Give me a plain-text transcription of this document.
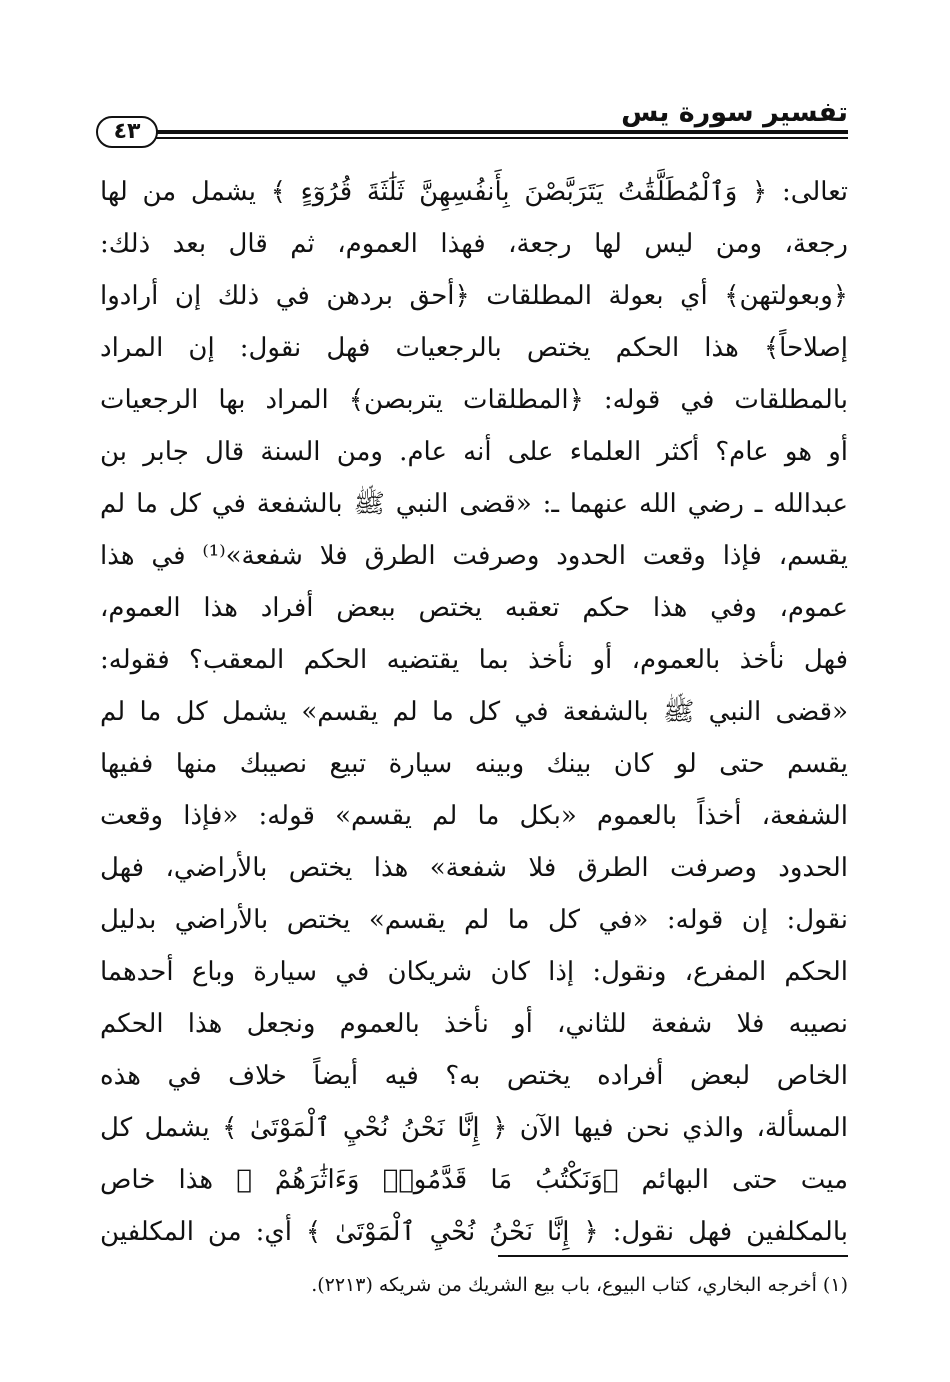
تفسير سورة يس
٤٣
تعالى: ﴿ وَٱلْمُطَلَّقَٰتُ يَتَرَبَّصْنَ بِأَنفُسِهِنَّ ثَلَٰثَةَ قُرُوٓءٍ ﴾ يشمل من لها
رجعة، ومن ليس لها رجعة، فهذا العموم، ثم قال بعد ذلك:
﴿وبعولتهن﴾ أي بعولة المطلقات ﴿أحق بردهن في ذلك إن أرادوا
إصلاحاً﴾ هذا الحكم يختص بالرجعيات فهل نقول: إن المراد
بالمطلقات في قوله: ﴿المطلقات يتربصن﴾ المراد بها الرجعيات
أو هو عام؟ أكثر العلماء على أنه عام. ومن السنة قال جابر بن
عبدالله ـ رضي الله عنهما ـ: «قضى النبي ﷺ بالشفعة في كل ما لم
يقسم، فإذا وقعت الحدود وصرفت الطرق فلا شفعة»⁽¹⁾ في هذا
عموم، وفي هذا حكم تعقبه يختص ببعض أفراد هذا العموم،
فهل نأخذ بالعموم، أو نأخذ بما يقتضيه الحكم المعقب؟ فقوله:
«قضى النبي ﷺ بالشفعة في كل ما لم يقسم» يشمل كل ما لم
يقسم حتى لو كان بينك وبينه سيارة تبيع نصيبك منها ففيها
الشفعة، أخذاً بالعموم «بكل ما لم يقسم» قوله: «فإذا وقعت
الحدود وصرفت الطرق فلا شفعة» هذا يختص بالأراضي، فهل
نقول: إن قوله: «في كل ما لم يقسم» يختص بالأراضي بدليل
الحكم المفرع، ونقول: إذا كان شريكان في سيارة وباع أحدهما
نصيبه فلا شفعة للثاني، أو نأخذ بالعموم ونجعل هذا الحكم
الخاص لبعض أفراده يختص به؟ فيه أيضاً خلاف في هذه
المسألة، والذي نحن فيها الآن ﴿ إِنَّا نَحْنُ نُحْيِ ٱلْمَوْتَىٰ ﴾ يشمل كل
ميت حتى البهائم ﴿وَنَكْتُبُ مَا قَدَّمُوا۟ وَءَاثَٰرَهُمْ ﴾ هذا خاص
بالمكلفين فهل نقول: ﴿ إِنَّا نَحْنُ نُحْيِ ٱلْمَوْتَىٰ ﴾ أي: من المكلفين
(١) أخرجه البخاري، كتاب البيوع، باب بيع الشريك من شريكه (٢٢١٣).
